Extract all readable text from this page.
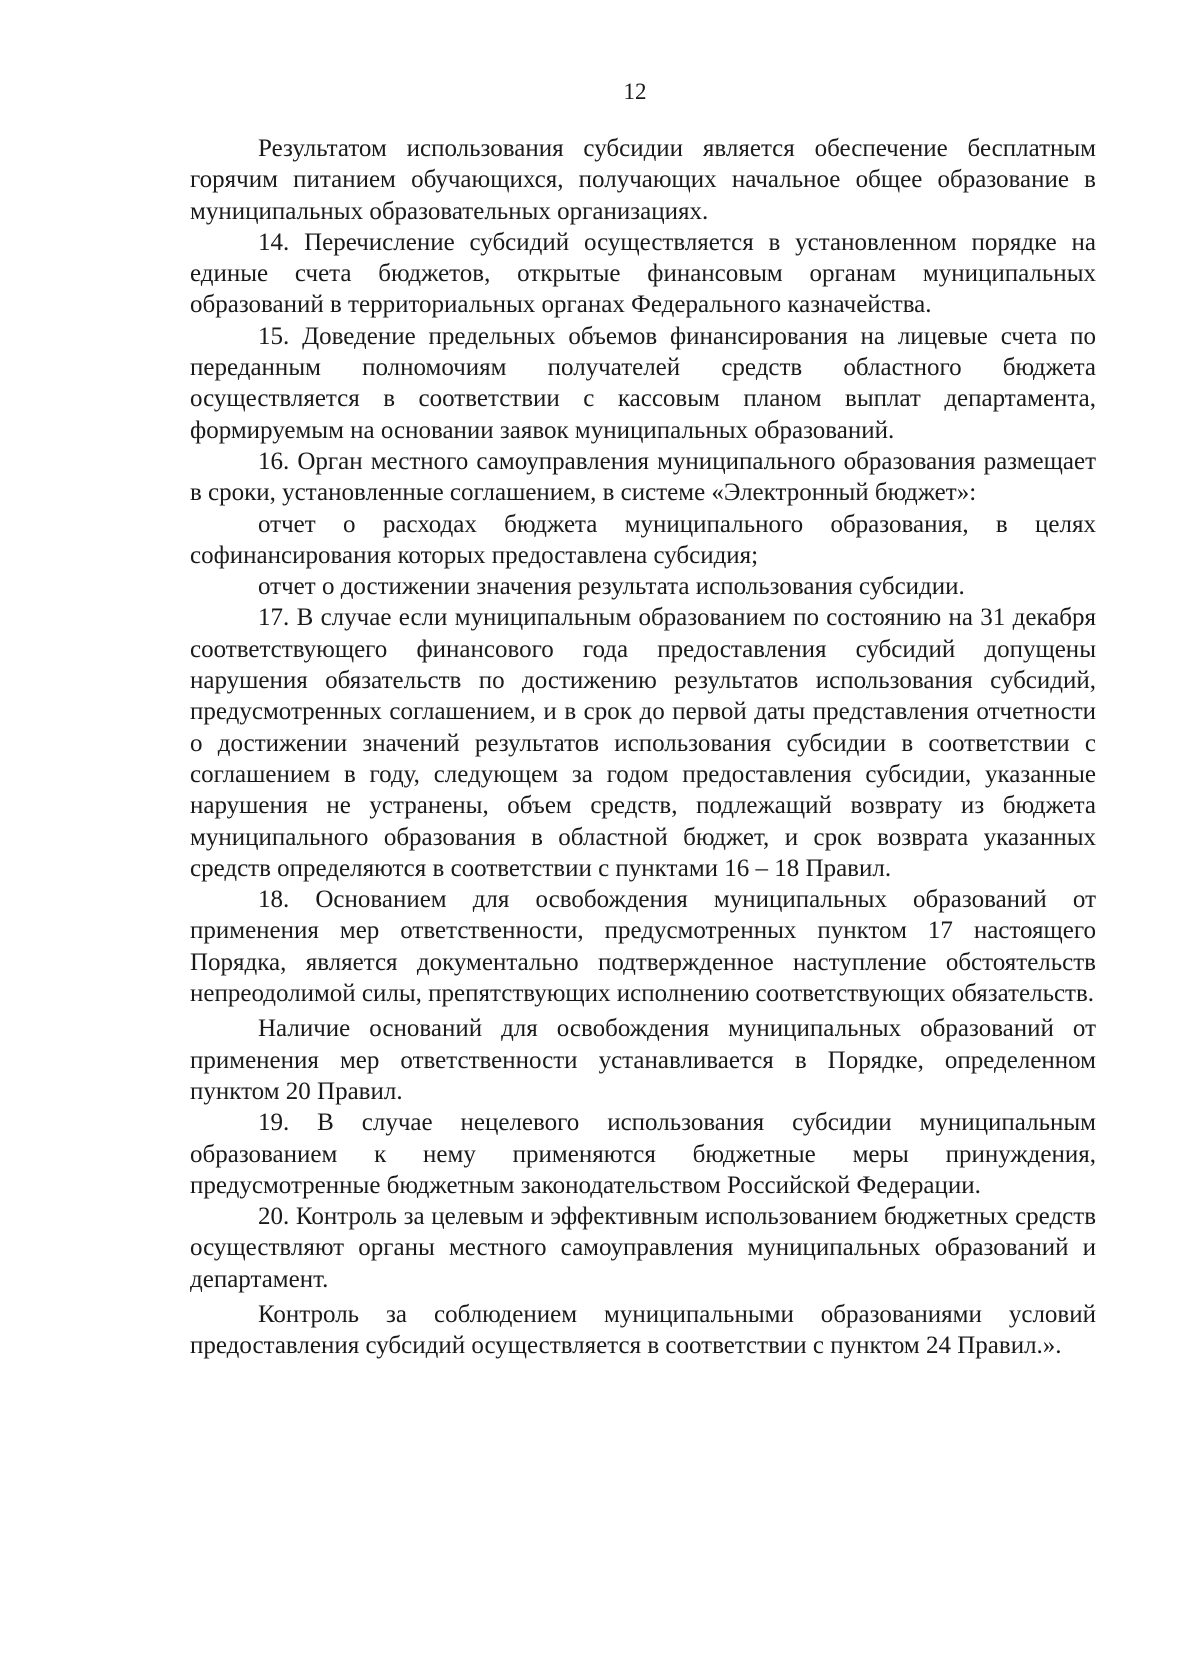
12

Результатом использования субсидии является обеспечение бесплатным горячим питанием обучающихся, получающих начальное общее образование в муниципальных образовательных организациях.

14. Перечисление субсидий осуществляется в установленном порядке на единые счета бюджетов, открытые финансовым органам муниципальных образований в территориальных органах Федерального казначейства.

15. Доведение предельных объемов финансирования на лицевые счета по переданным полномочиям получателей средств областного бюджета осуществляется в соответствии с кассовым планом выплат департамента, формируемым на основании заявок муниципальных образований.

16. Орган местного самоуправления муниципального образования размещает в сроки, установленные соглашением, в системе «Электронный бюджет»:

отчет о расходах бюджета муниципального образования, в целях софинансирования которых предоставлена субсидия;

отчет о достижении значения результата использования субсидии.

17. В случае если муниципальным образованием по состоянию на 31 декабря соответствующего финансового года предоставления субсидий допущены нарушения обязательств по достижению результатов использования субсидий, предусмотренных соглашением, и в срок до первой даты представления отчетности о достижении значений результатов использования субсидии в соответствии с соглашением в году, следующем за годом предоставления субсидии, указанные нарушения не устранены, объем средств, подлежащий возврату из бюджета муниципального образования в областной бюджет, и срок возврата указанных средств определяются в соответствии с пунктами 16 – 18 Правил.

18. Основанием для освобождения муниципальных образований от применения мер ответственности, предусмотренных пунктом 17 настоящего Порядка, является документально подтвержденное наступление обстоятельств непреодолимой силы, препятствующих исполнению соответствующих обязательств.

Наличие оснований для освобождения муниципальных образований от применения мер ответственности устанавливается в Порядке, определенном пунктом 20 Правил.

19. В случае нецелевого использования субсидии муниципальным образованием к нему применяются бюджетные меры принуждения, предусмотренные бюджетным законодательством Российской Федерации.

20. Контроль за целевым и эффективным использованием бюджетных средств осуществляют органы местного самоуправления муниципальных образований и департамент.

Контроль за соблюдением муниципальными образованиями условий предоставления субсидий осуществляется в соответствии с пунктом 24 Правил.».
